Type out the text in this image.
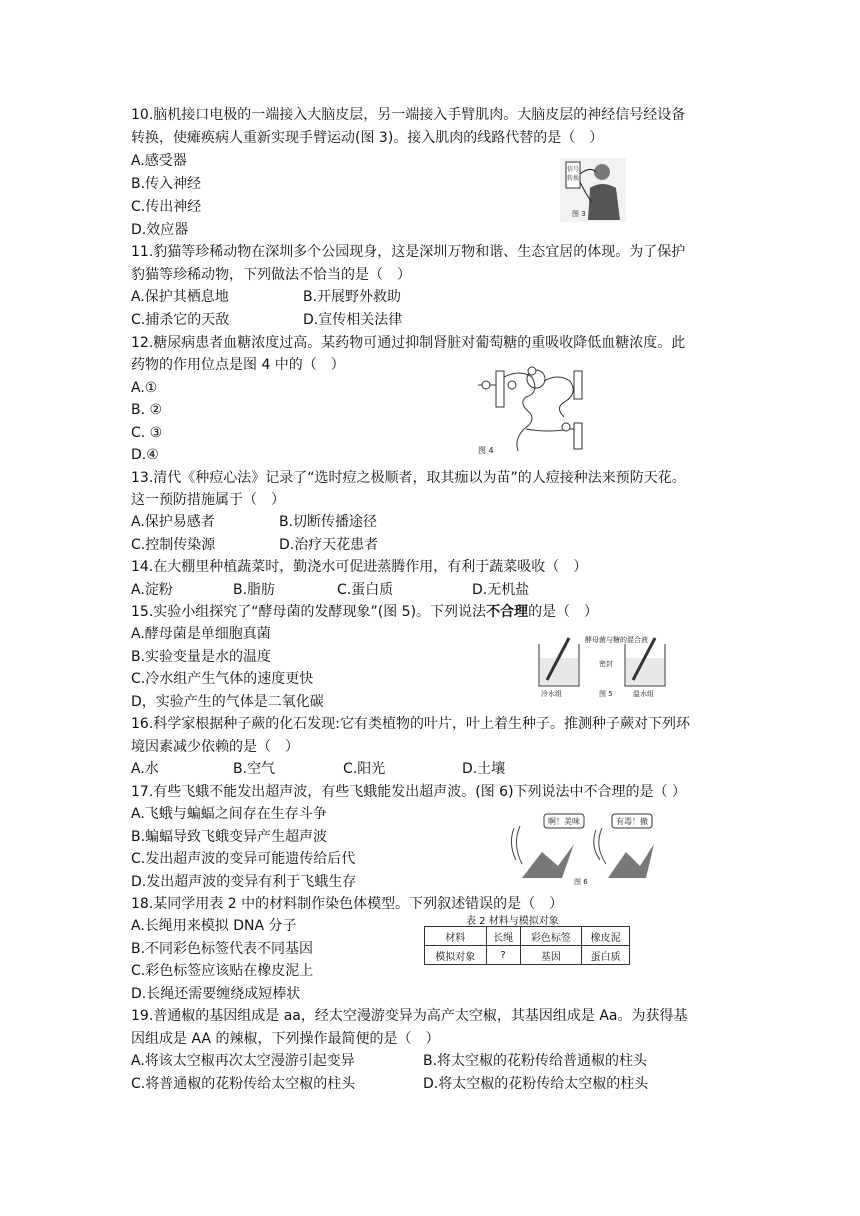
10.脑机接口电极的一端接入大脑皮层，另一端接入手臂肌肉。大脑皮层的神经信号经设备
转换，使瘫痪病人重新实现手臂运动(图 3)。接入肌肉的线路代替的是（　）
A.感受器
B.传入神经
C.传出神经
D.效应器
信号
转换
图 3
11.豹猫等珍稀动物在深圳多个公园现身，这是深圳万物和谐、生态宜居的体现。为了保护
豹猫等珍稀动物，下列做法不恰当的是（　）
A.保护其栖息地	B.开展野外救助
C.捕杀它的天敌	D.宣传相关法律
12.糖尿病患者血糖浓度过高。某药物可通过抑制肾脏对葡萄糖的重吸收降低血糖浓度。此
药物的作用位点是图 4 中的（　）
A.①
B. ②
C. ③
D.④	图 4
13.清代《种痘心法》记录了“选时痘之极顺者，取其痂以为苗”的人痘接种法来预防天花。
这一预防措施属于（　）
A.保护易感者	B.切断传播途径
C.控制传染源	D.治疗天花患者
14.在大棚里种植蔬菜时，勤浇水可促进蒸腾作用，有利于蔬菜吸收（　）
A.淀粉	B.脂肪	C.蛋白质	D.无机盐
15.实验小组探究了“酵母菌的发酵现象”(图 5)。下列说法不合理的是（　）
A.酵母菌是单细胞真菌
B.实验变量是水的温度
C.冷水组产生气体的速度更快
D，实验产生的气体是二氧化碳
酵母菌与糖的混合液
密封
冷水组	图 5	温水组
16.科学家根据种子蕨的化石发现:它有类植物的叶片，叶上着生种子。推测种子蕨对下列环
境因素减少依赖的是（　）
A.水	B.空气	C.阳光	D.土壤
17.有些飞蛾不能发出超声波，有些飞蛾能发出超声波。(图 6)下列说法中不合理的是（ ）
A.飞蛾与蝙蝠之间存在生存斗争
B.蝙蝠导致飞蛾变异产生超声波
C.发出超声波的变异可能遗传给后代
D.发出超声波的变异有利于飞蛾生存
啊！美味	有毒！撤
图 6
18.某同学用表 2 中的材料制作染色体模型。下列叙述错误的是（　）
A.长绳用来模拟 DNA 分子
B.不同彩色标签代表不同基因
C.彩色标签应该贴在橡皮泥上
D.长绳还需要缠绕成短棒状
表 2 材料与模拟对象
材料	长绳	彩色标签	橡皮泥
模拟对象	?	基因	蛋白质
19.普通椒的基因组成是 aa，经太空漫游变异为高产太空椒，其基因组成是 Aa。为获得基
因组成是 AA 的辣椒，下列操作最简便的是（　）
A.将该太空椒再次太空漫游引起变异	B.将太空椒的花粉传给普通椒的柱头
C.将普通椒的花粉传给太空椒的柱头	D.将太空椒的花粉传给太空椒的柱头
